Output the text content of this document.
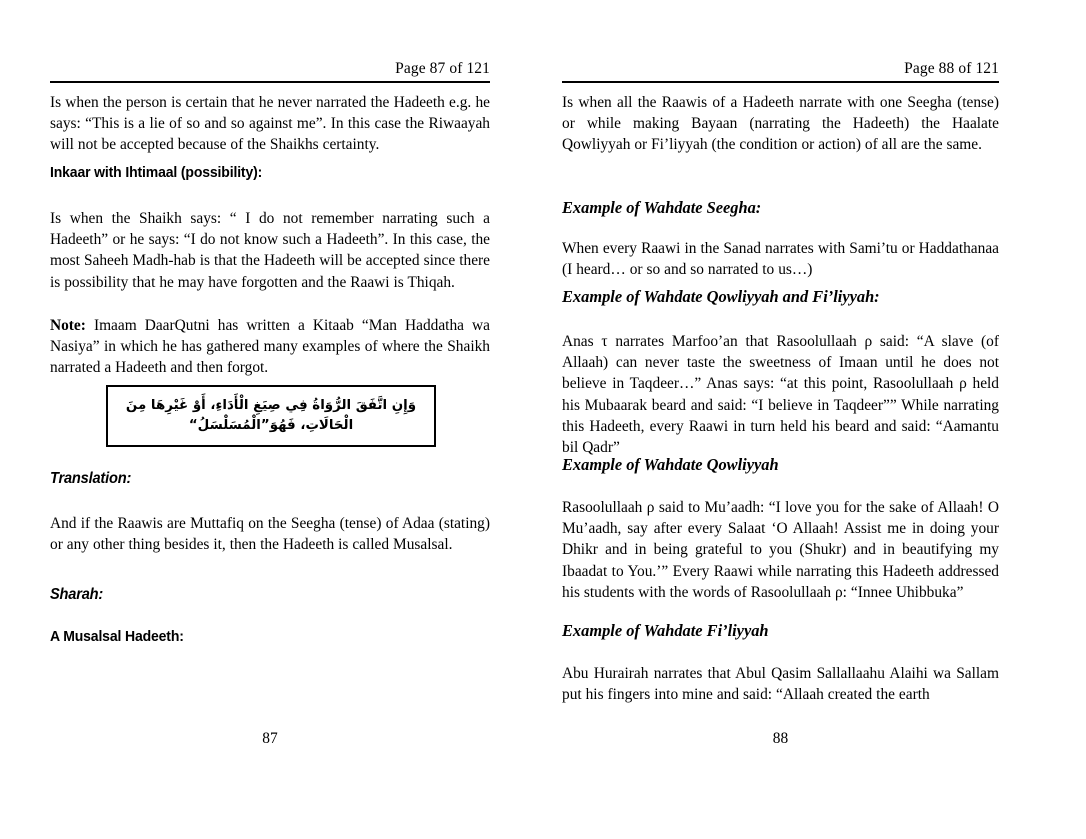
Page 87 of 121
Is when the person is certain that he never narrated the Hadeeth e.g. he says: “This is a lie of so and so against me”. In this case the Riwaayah will not be accepted because of the Shaikhs certainty.
Inkaar with Ihtimaal (possibility):
Is when the Shaikh says: “ I do not remember narrating such a Hadeeth” or he says: “I do not know such a Hadeeth”. In this case, the most Saheeh Madh-hab is that the Hadeeth will be accepted since there is possibility that he may have forgotten and the Raawi is Thiqah.
Note: Imaam DaarQutni has written a Kitaab “Man Haddatha wa Nasiya” in which he has gathered many examples of where the Shaikh narrated a Hadeeth and then forgot.
وَإِنِ اتَّفَقَ الرُّوَاةُ فِي صِيَغِ الْأَدَاءِ، أَوْ غَيْرِهَا مِنَ الْحَالَاتِ، فَهُوَ”الْمُسَلْسَلُ“
Translation:
And if the Raawis are Muttafiq on the Seegha (tense) of Adaa (stating) or any other thing besides it, then the Hadeeth is called Musalsal.
Sharah:
A Musalsal Hadeeth:
87
Page 88 of 121
Is when all the Raawis of a Hadeeth narrate with one Seegha (tense) or while making Bayaan (narrating the Hadeeth) the Haalate Qowliyyah or Fi’liyyah (the condition or action) of all are the same.
Example of Wahdate Seegha:
When every Raawi in the Sanad narrates with Sami’tu or Haddathanaa (I heard… or so and so narrated to us…)
Example of Wahdate Qowliyyah and Fi’liyyah:
Anas τ narrates Marfoo’an that Rasoolullaah ρ said: “A slave (of Allaah) can never taste the sweetness of Imaan until he does not believe in Taqdeer…” Anas says: “at this point, Rasoolullaah ρ held his Mubaarak beard and said: “I believe in Taqdeer”” While narrating this Hadeeth, every Raawi in turn held his beard and said: “Aamantu bil Qadr”
Example of Wahdate Qowliyyah
Rasoolullaah ρ said to Mu’aadh: “I love you for the sake of Allaah! O Mu’aadh, say after every Salaat ‘O Allaah! Assist me in doing your Dhikr and in being grateful to you (Shukr) and in beautifying my Ibaadat to You.’” Every Raawi while narrating this Hadeeth addressed his students with the words of Rasoolullaah ρ: “Innee Uhibbuka”
Example of Wahdate Fi’liyyah
Abu Hurairah narrates that Abul Qasim Sallallaahu Alaihi wa Sallam put his fingers into mine and said: “Allaah created the earth
88
